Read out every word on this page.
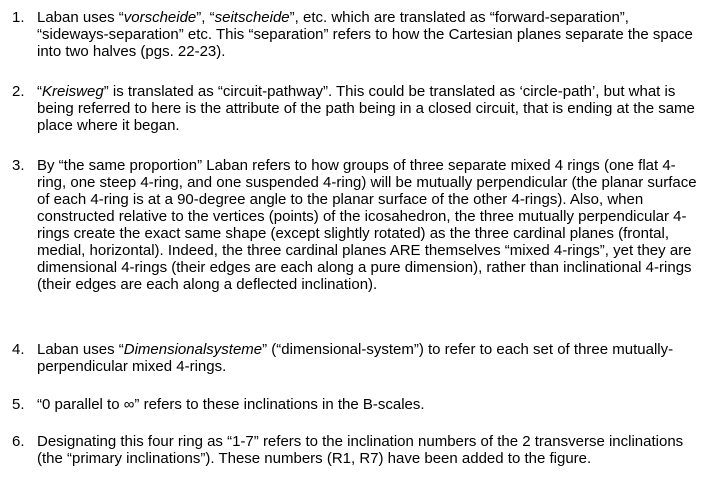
1. Laban uses “vorscheide”, “seitscheide”, etc. which are translated as “forward-separation”, “sideways-separation” etc. This “separation” refers to how the Cartesian planes separate the space into two halves (pgs. 22-23).
2. “Kreisweg” is translated as “circuit-pathway”. This could be translated as ‘circle-path’, but what is being referred to here is the attribute of the path being in a closed circuit, that is ending at the same place where it began.
3. By “the same proportion” Laban refers to how groups of three separate mixed 4 rings (one flat 4-ring, one steep 4-ring, and one suspended 4-ring) will be mutually perpendicular (the planar surface of each 4-ring is at a 90-degree angle to the planar surface of the other 4-rings). Also, when constructed relative to the vertices (points) of the icosahedron, the three mutually perpendicular 4-rings create the exact same shape (except slightly rotated) as the three cardinal planes (frontal, medial, horizontal). Indeed, the three cardinal planes ARE themselves “mixed 4-rings”, yet they are dimensional 4-rings (their edges are each along a pure dimension), rather than inclinational 4-rings (their edges are each along a deflected inclination).
4. Laban uses “Dimensionalsysteme” (“dimensional-system”) to refer to each set of three mutually-perpendicular mixed 4-rings.
5. “0 parallel to ∞” refers to these inclinations in the B-scales.
6. Designating this four ring as “1-7” refers to the inclination numbers of the 2 transverse inclinations (the “primary inclinations”). These numbers (R1, R7) have been added to the figure.
